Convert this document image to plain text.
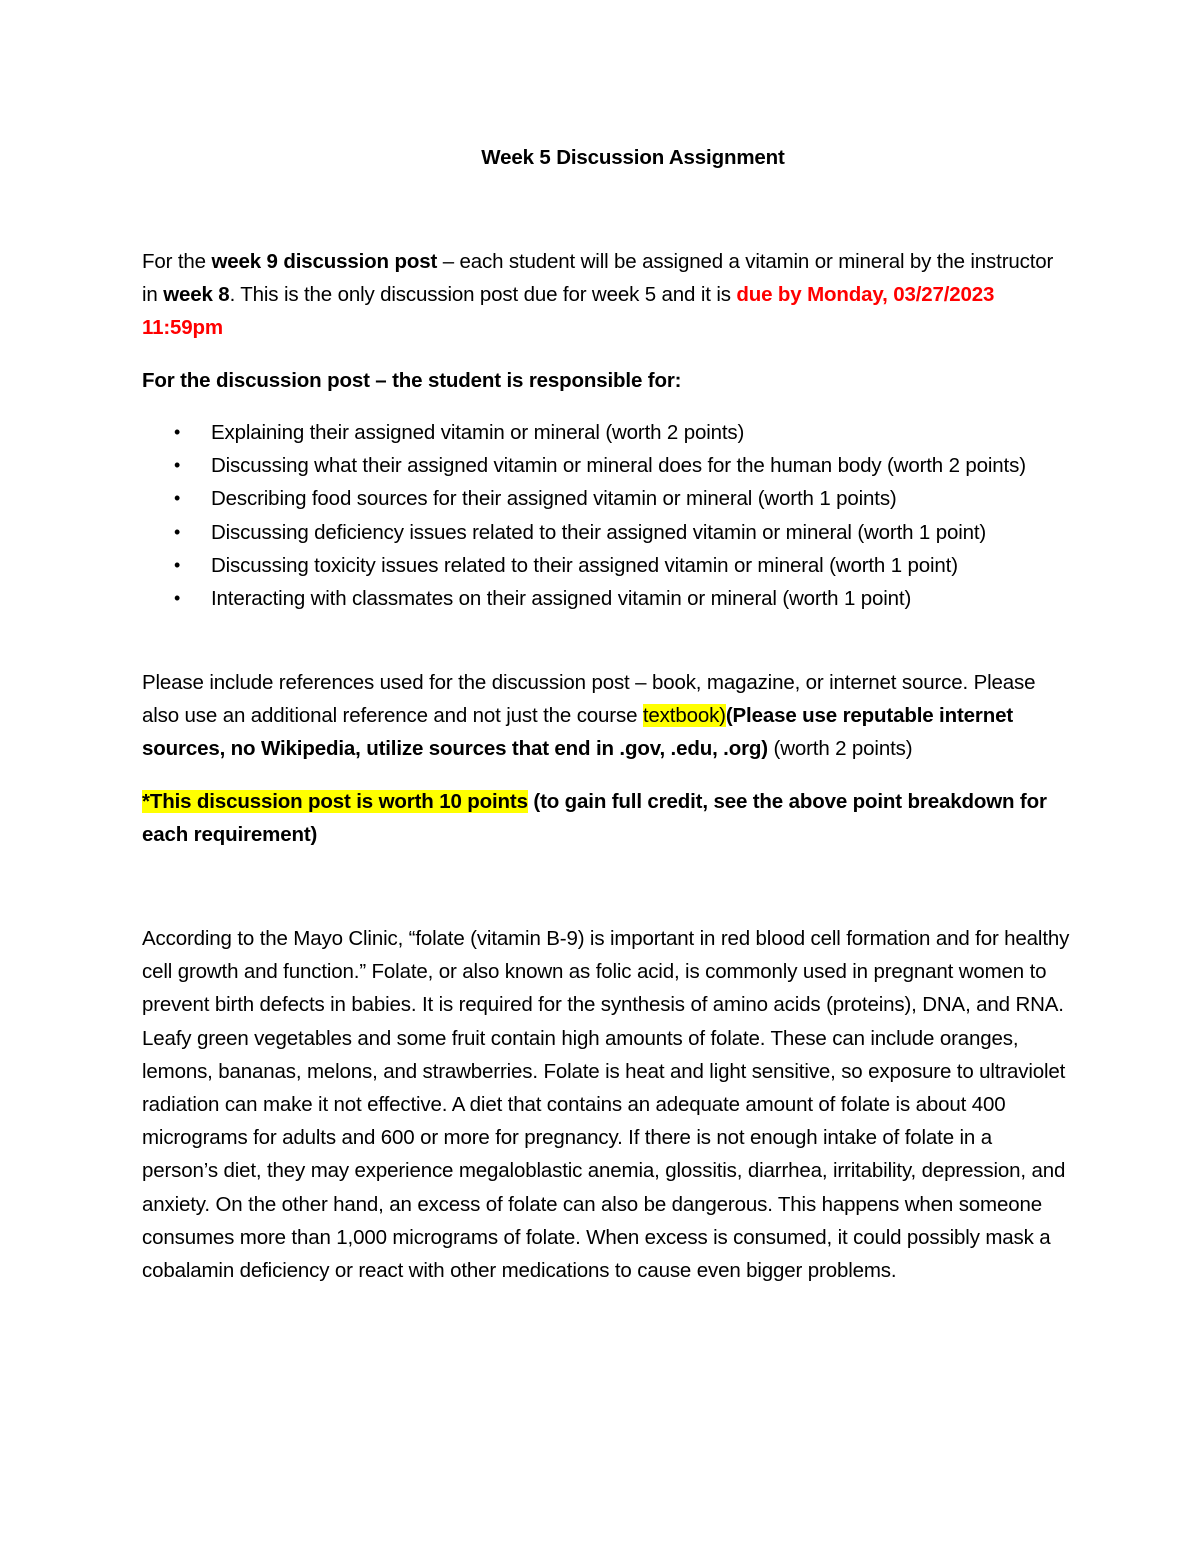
Week 5 Discussion Assignment

For the week 9 discussion post – each student will be assigned a vitamin or mineral by the instructor in week 8. This is the only discussion post due for week 5 and it is due by Monday, 03/27/2023 11:59pm

For the discussion post – the student is responsible for:

• Explaining their assigned vitamin or mineral (worth 2 points)
• Discussing what their assigned vitamin or mineral does for the human body (worth 2 points)
• Describing food sources for their assigned vitamin or mineral (worth 1 points)
• Discussing deficiency issues related to their assigned vitamin or mineral (worth 1 point)
• Discussing toxicity issues related to their assigned vitamin or mineral (worth 1 point)
• Interacting with classmates on their assigned vitamin or mineral (worth 1 point)

Please include references used for the discussion post – book, magazine, or internet source. Please also use an additional reference and not just the course textbook)(Please use reputable internet sources, no Wikipedia, utilize sources that end in .gov, .edu, .org) (worth 2 points)

*This discussion post is worth 10 points (to gain full credit, see the above point breakdown for each requirement)

According to the Mayo Clinic, “folate (vitamin B-9) is important in red blood cell formation and for healthy cell growth and function.” Folate, or also known as folic acid, is commonly used in pregnant women to prevent birth defects in babies. It is required for the synthesis of amino acids (proteins), DNA, and RNA. Leafy green vegetables and some fruit contain high amounts of folate. These can include oranges, lemons, bananas, melons, and strawberries. Folate is heat and light sensitive, so exposure to ultraviolet radiation can make it not effective. A diet that contains an adequate amount of folate is about 400 micrograms for adults and 600 or more for pregnancy. If there is not enough intake of folate in a person’s diet, they may experience megaloblastic anemia, glossitis, diarrhea, irritability, depression, and anxiety. On the other hand, an excess of folate can also be dangerous. This happens when someone consumes more than 1,000 micrograms of folate. When excess is consumed, it could possibly mask a cobalamin deficiency or react with other medications to cause even bigger problems.
